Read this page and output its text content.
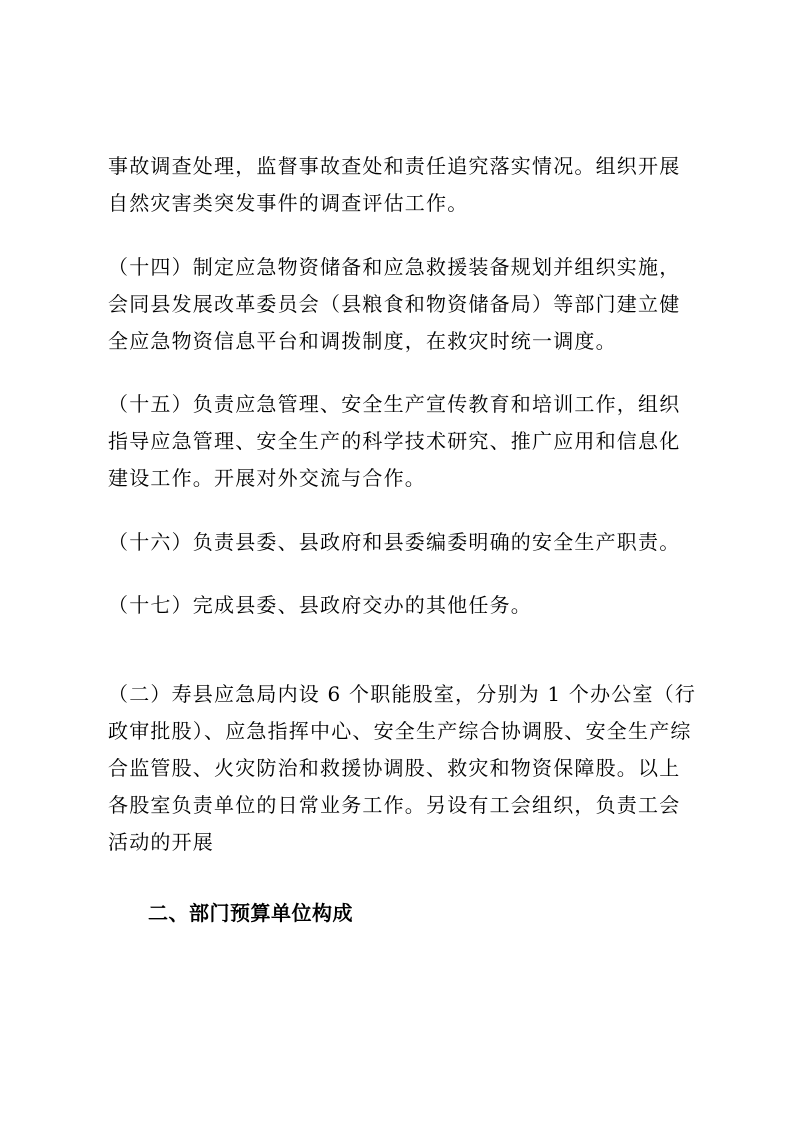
事故调查处理，监督事故查处和责任追究落实情况。组织开展自然灾害类突发事件的调查评估工作。

（十四）制定应急物资储备和应急救援装备规划并组织实施，会同县发展改革委员会（县粮食和物资储备局）等部门建立健全应急物资信息平台和调拨制度，在救灾时统一调度。

（十五）负责应急管理、安全生产宣传教育和培训工作，组织指导应急管理、安全生产的科学技术研究、推广应用和信息化建设工作。开展对外交流与合作。

（十六）负责县委、县政府和县委编委明确的安全生产职责。

（十七）完成县委、县政府交办的其他任务。

（二）寿县应急局内设 6 个职能股室，分别为 1 个办公室（行政审批股）、应急指挥中心、安全生产综合协调股、安全生产综合监管股、火灾防治和救援协调股、救灾和物资保障股。以上各股室负责单位的日常业务工作。另设有工会组织，负责工会活动的开展

二、部门预算单位构成
